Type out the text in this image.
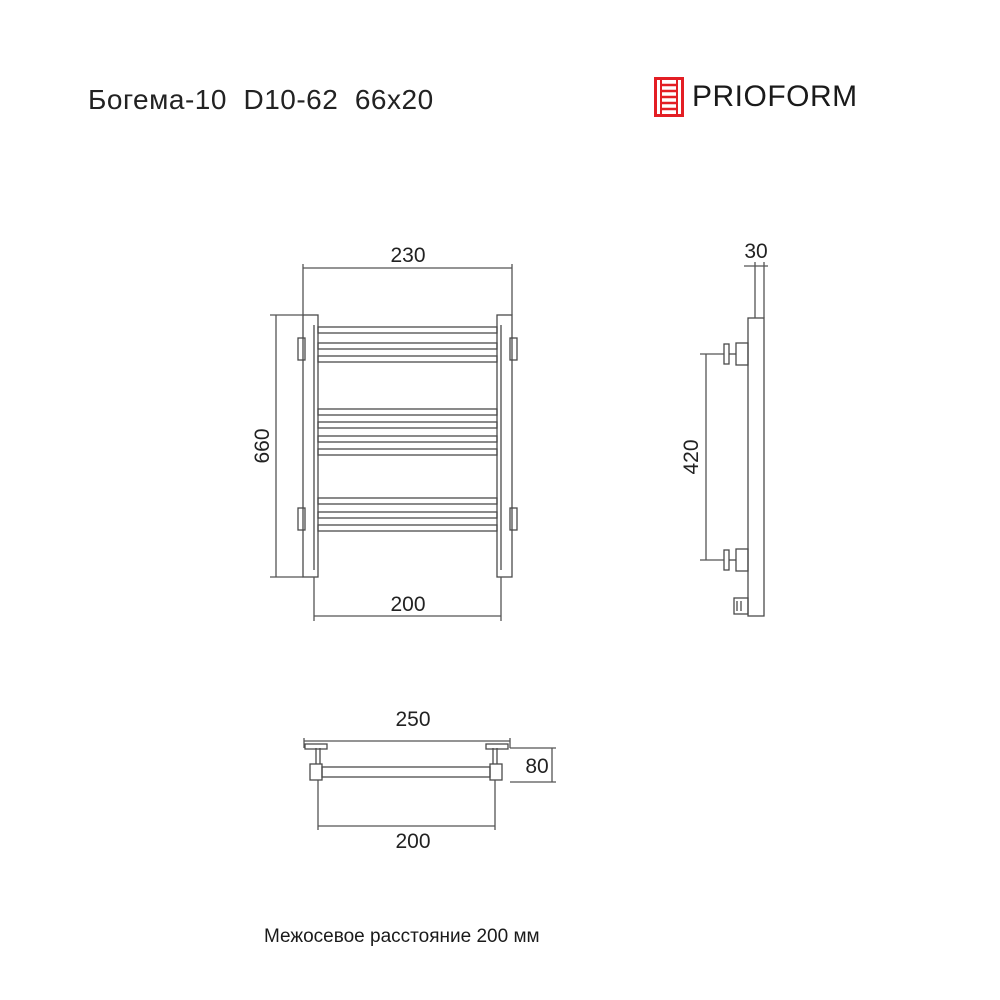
Богема-10  D10-62  66x20	PRIOFORM
230
660
200
30
420
250
80
200
Межосевое расстояние 200 мм
